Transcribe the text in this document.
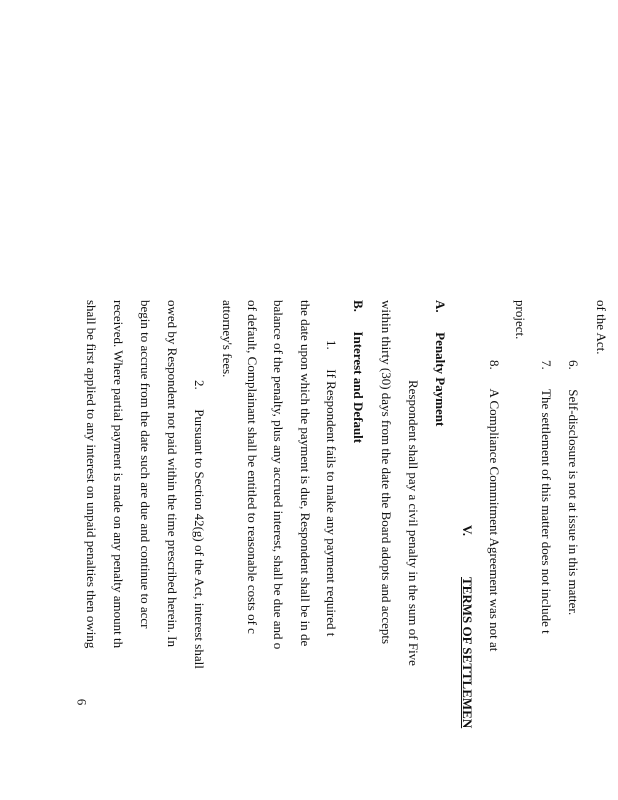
of the Act.
6.      Self-disclosure is not at issue in this matter.
7.      The settlement of this matter does not include t
project.
8.      A Compliance Commitment Agreement was not at
V.
TERMS OF SETTLEMEN
A.      Penalty Payment
Respondent shall pay a civil penalty in the sum of Five
within thirty (30) days from the date the Board adopts and accepts
B.      Interest and Default
1.      If Respondent fails to make any payment required t
the date upon which the payment is due, Respondent shall be in de
balance of the penalty, plus any accrued interest, shall be due and o
of default, Complainant shall be entitled to reasonable costs of c
attorney's fees.
2.      Pursuant to Section 42(g) of the Act, interest shall
owed by Respondent not paid within the time prescribed herein. In
begin to accrue from the date such are due and continue to accr
received. Where partial payment is made on any penalty amount th
shall be first applied to any interest on unpaid penalties then owing
6
